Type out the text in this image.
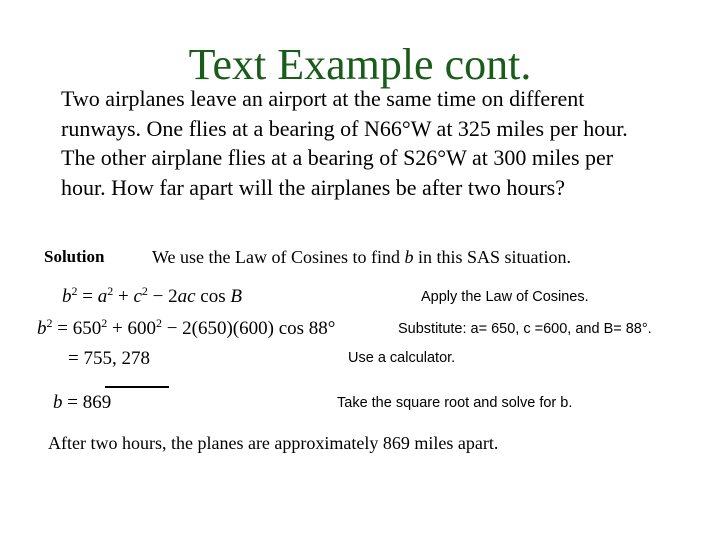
Text Example cont.
Two airplanes leave an airport at the same time on different runways. One flies at a bearing of N66°W at 325 miles per hour. The other airplane flies at a bearing of S26°W at 300 miles per hour. How far apart will the airplanes be after two hours?
Solution	We use the Law of Cosines to find b in this SAS situation.
$b^2 = a^2 + c^2 - 2ac$ cos B	Apply the Law of Cosines.
$b^2 = 650^2 + 600^2 - 2(650)(600)$ cos 88°	Substitute: a= 650, c =600, and B= 88°.
= 755, 278	Use a calculator.
b = 869	Take the square root and solve for b.
After two hours, the planes are approximately 869 miles apart.
